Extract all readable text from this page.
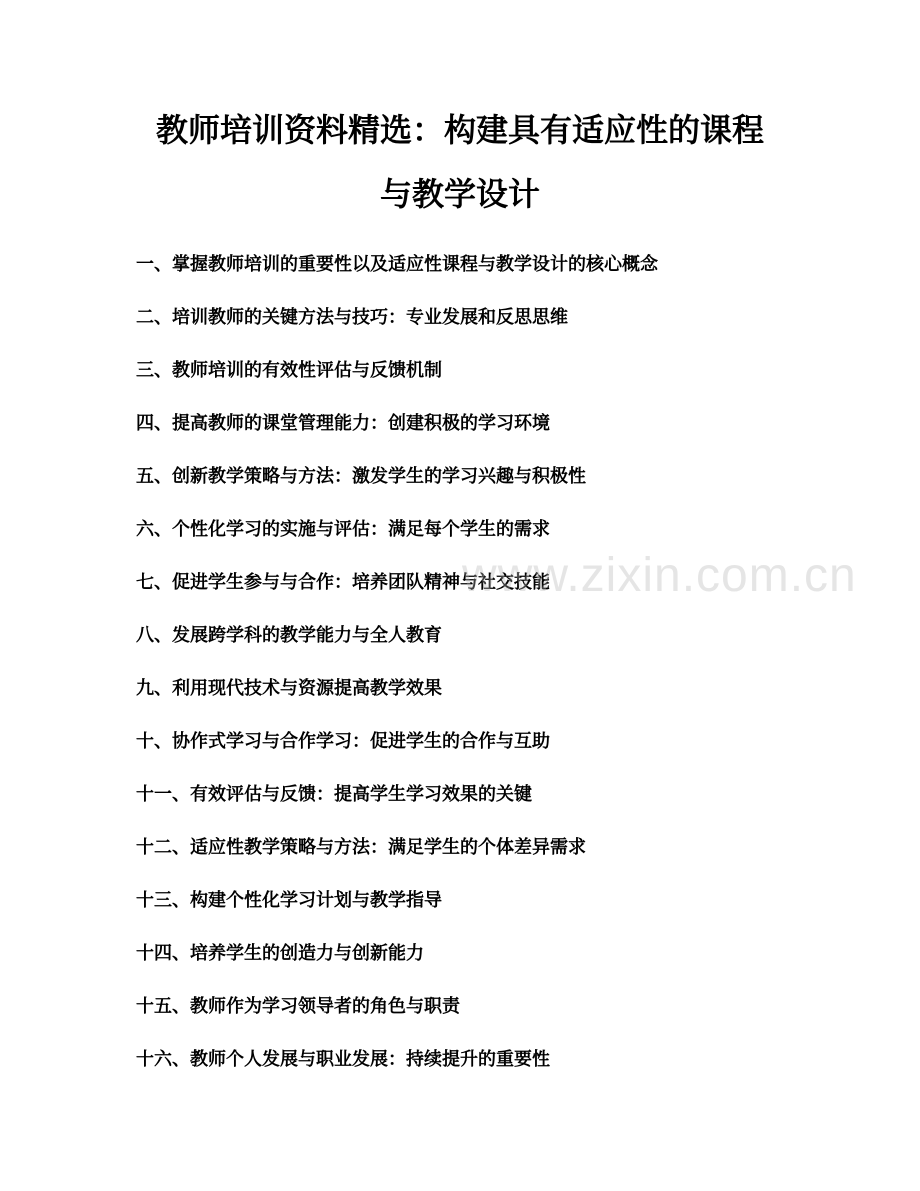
教师培训资料精选：构建具有适应性的课程
与教学设计
一、掌握教师培训的重要性以及适应性课程与教学设计的核心概念
二、培训教师的关键方法与技巧：专业发展和反思思维
三、教师培训的有效性评估与反馈机制
四、提高教师的课堂管理能力：创建积极的学习环境
五、创新教学策略与方法：激发学生的学习兴趣与积极性
六、个性化学习的实施与评估：满足每个学生的需求
七、促进学生参与与合作：培养团队精神与社交技能
八、发展跨学科的教学能力与全人教育
九、利用现代技术与资源提高教学效果
十、协作式学习与合作学习：促进学生的合作与互助
十一、有效评估与反馈：提高学生学习效果的关键
十二、适应性教学策略与方法：满足学生的个体差异需求
十三、构建个性化学习计划与教学指导
十四、培养学生的创造力与创新能力
十五、教师作为学习领导者的角色与职责
十六、教师个人发展与职业发展：持续提升的重要性
www.zixin.com.cn
